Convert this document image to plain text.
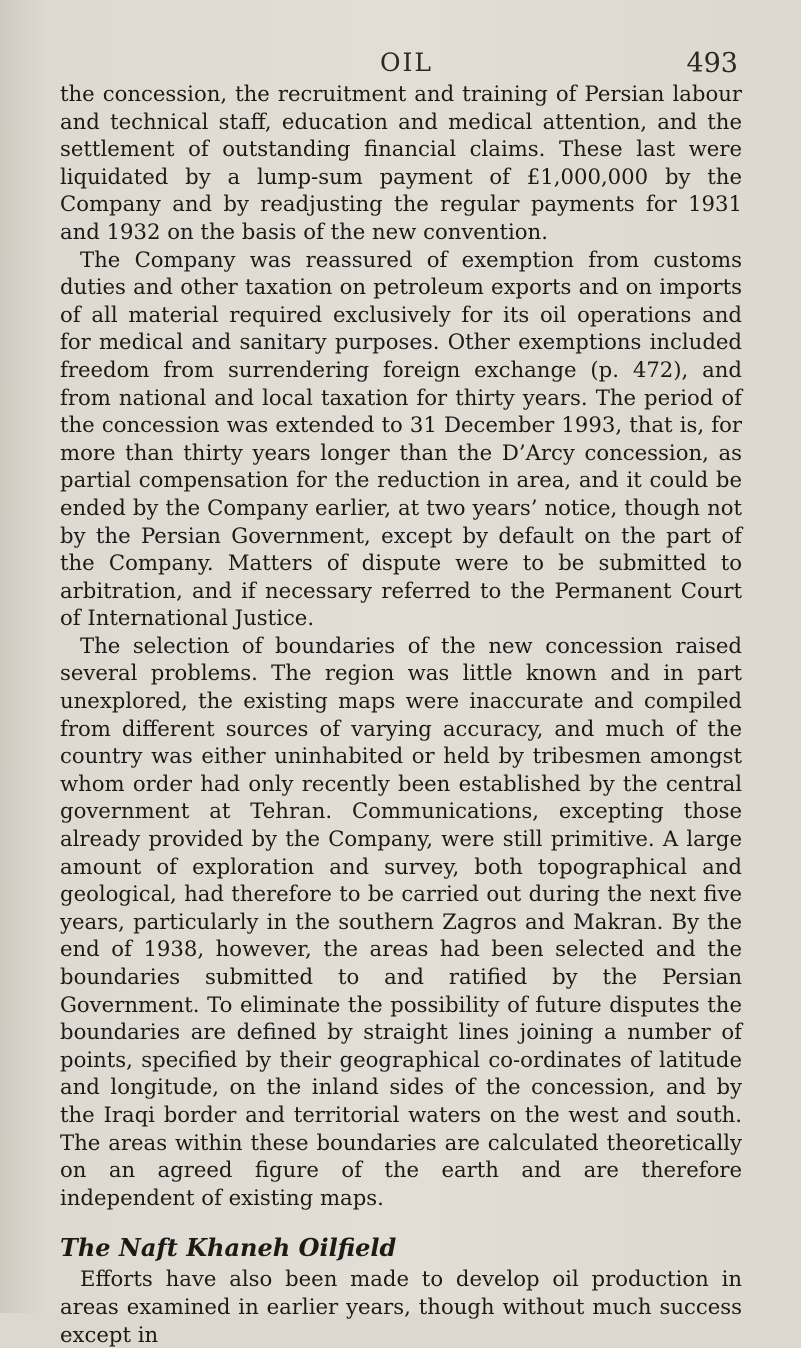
OIL	493

the concession, the recruitment and training of Persian labour and technical staff, education and medical attention, and the settlement of outstanding financial claims. These last were liquidated by a lump-sum payment of £1,000,000 by the Company and by readjusting the regular payments for 1931 and 1932 on the basis of the new convention.

The Company was reassured of exemption from customs duties and other taxation on petroleum exports and on imports of all material required exclusively for its oil operations and for medical and sanitary purposes. Other exemptions included freedom from surrendering foreign exchange (p. 472), and from national and local taxation for thirty years. The period of the concession was extended to 31 December 1993, that is, for more than thirty years longer than the D’Arcy concession, as partial compensation for the reduction in area, and it could be ended by the Company earlier, at two years’ notice, though not by the Persian Government, except by default on the part of the Company. Matters of dispute were to be submitted to arbitration, and if necessary referred to the Permanent Court of International Justice.

The selection of boundaries of the new concession raised several problems. The region was little known and in part unexplored, the existing maps were inaccurate and compiled from different sources of varying accuracy, and much of the country was either uninhabited or held by tribesmen amongst whom order had only recently been established by the central government at Tehran. Communications, excepting those already provided by the Company, were still primitive. A large amount of exploration and survey, both topographical and geological, had therefore to be carried out during the next five years, particularly in the southern Zagros and Makran. By the end of 1938, however, the areas had been selected and the boundaries submitted to and ratified by the Persian Government. To eliminate the possibility of future disputes the boundaries are defined by straight lines joining a number of points, specified by their geographical co-ordinates of latitude and longitude, on the inland sides of the concession, and by the Iraqi border and territorial waters on the west and south. The areas within these boundaries are calculated theoretically on an agreed figure of the earth and are therefore independent of existing maps.

The Naft Khaneh Oilfield

Efforts have also been made to develop oil production in areas examined in earlier years, though without much success except in
